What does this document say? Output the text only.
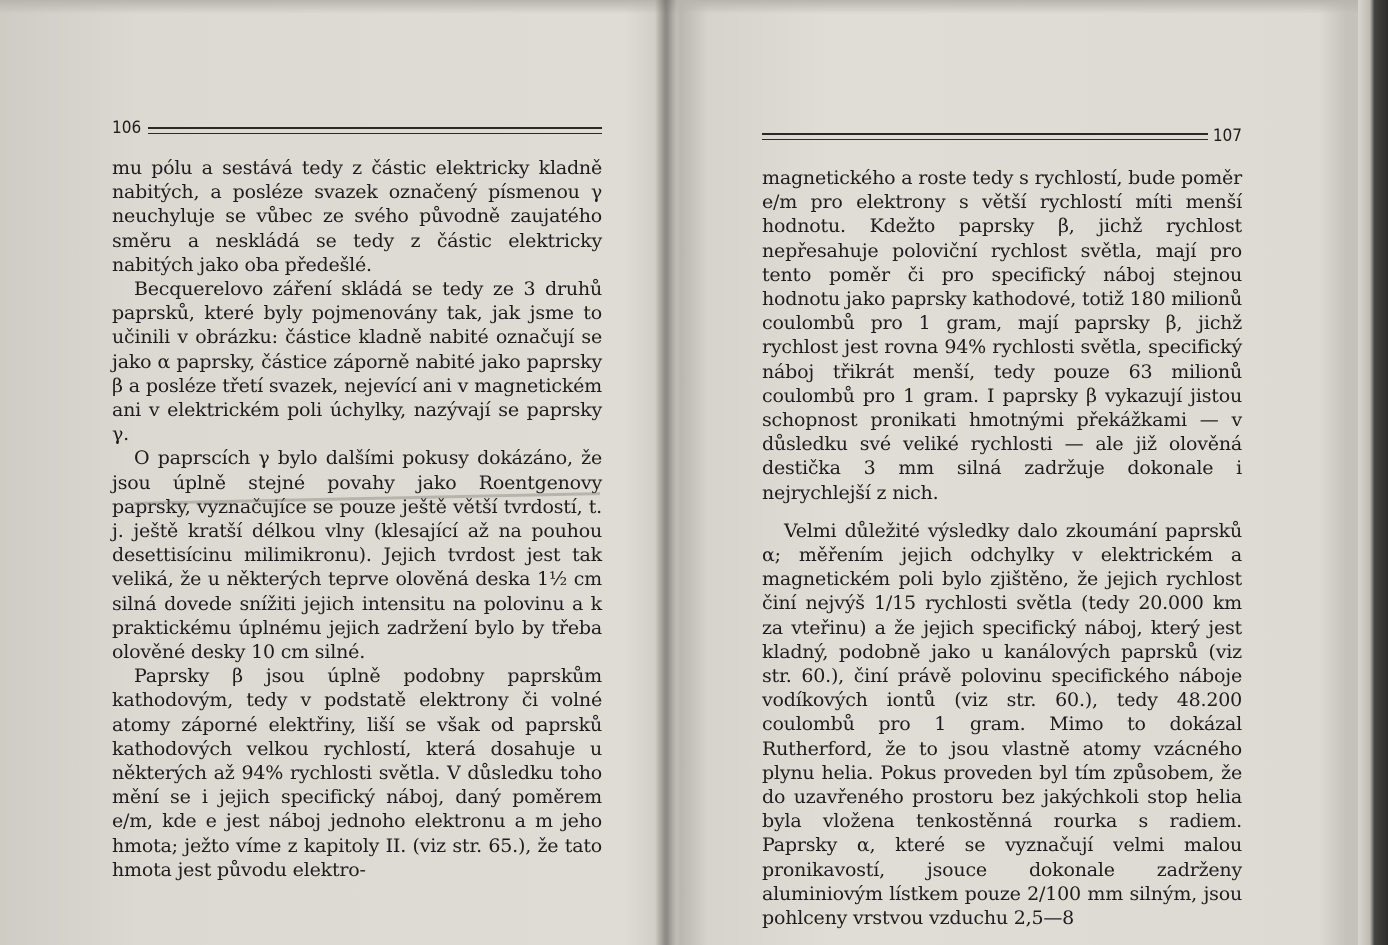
106

mu pólu a sestává tedy z částic elektricky kladně nabitých, a posléze svazek označený písmenou γ neuchyluje se vůbec ze svého původně zaujatého směru a neskládá se tedy z částic elektricky nabitých jako oba předešlé.

Becquerelovo záření skládá se tedy ze 3 druhů paprsků, které byly pojmenovány tak, jak jsme to učinili v obrázku: částice kladně nabité označují se jako α paprsky, částice záporně nabité jako paprsky β a posléze třetí svazek, nejevící ani v magnetickém ani v elektrickém poli úchylky, nazývají se paprsky γ.

O paprscích γ bylo dalšími pokusy dokázáno, že jsou úplně stejné povahy jako Roentgenovy paprsky, vyznačujíce se pouze ještě větší tvrdostí, t. j. ještě kratší délkou vlny (klesající až na pouhou desettisícinu milimikronu). Jejich tvrdost jest tak veliká, že u některých teprve olověná deska 1½ cm silná dovede snížiti jejich intensitu na polovinu a k praktickému úplnému jejich zadržení bylo by třeba olověné desky 10 cm silné.

Paprsky β jsou úplně podobny paprskům kathodovým, tedy v podstatě elektrony či volné atomy záporné elektřiny, liší se však od paprsků kathodových velkou rychlostí, která dosahuje u některých až 94% rychlosti světla. V důsledku toho mění se i jejich specifický náboj, daný poměrem e/m, kde e jest náboj jednoho elektronu a m jeho hmota; ježto víme z kapitoly II. (viz str. 65.), že tato hmota jest původu elektro-

107

magnetického a roste tedy s rychlostí, bude poměr e/m pro elektrony s větší rychlostí míti menší hodnotu. Kdežto paprsky β, jichž rychlost nepřesahuje poloviční rychlost světla, mají pro tento poměr či pro specifický náboj stejnou hodnotu jako paprsky kathodové, totiž 180 milionů coulombů pro 1 gram, mají paprsky β, jichž rychlost jest rovna 94% rychlosti světla, specifický náboj třikrát menší, tedy pouze 63 milionů coulombů pro 1 gram. I paprsky β vykazují jistou schopnost pronikati hmotnými překážkami — v důsledku své veliké rychlosti — ale již olověná destička 3 mm silná zadržuje dokonale i nejrychlejší z nich.

Velmi důležité výsledky dalo zkoumání paprsků α; měřením jejich odchylky v elektrickém a magnetickém poli bylo zjištěno, že jejich rychlost činí nejvýš 1/15 rychlosti světla (tedy 20.000 km za vteřinu) a že jejich specifický náboj, který jest kladný, podobně jako u kanálových paprsků (viz str. 60.), činí právě polovinu specifického náboje vodíkových iontů (viz str. 60.), tedy 48.200 coulombů pro 1 gram. Mimo to dokázal Rutherford, že to jsou vlastně atomy vzácného plynu helia. Pokus proveden byl tím způsobem, že do uzavřeného prostoru bez jakýchkoli stop helia byla vložena tenkostěnná rourka s radiem. Paprsky α, které se vyznačují velmi malou pronikavostí, jsouce dokonale zadrženy aluminiovým lístkem pouze 2/100 mm silným, jsou pohlceny vrstvou vzduchu 2,5—8
